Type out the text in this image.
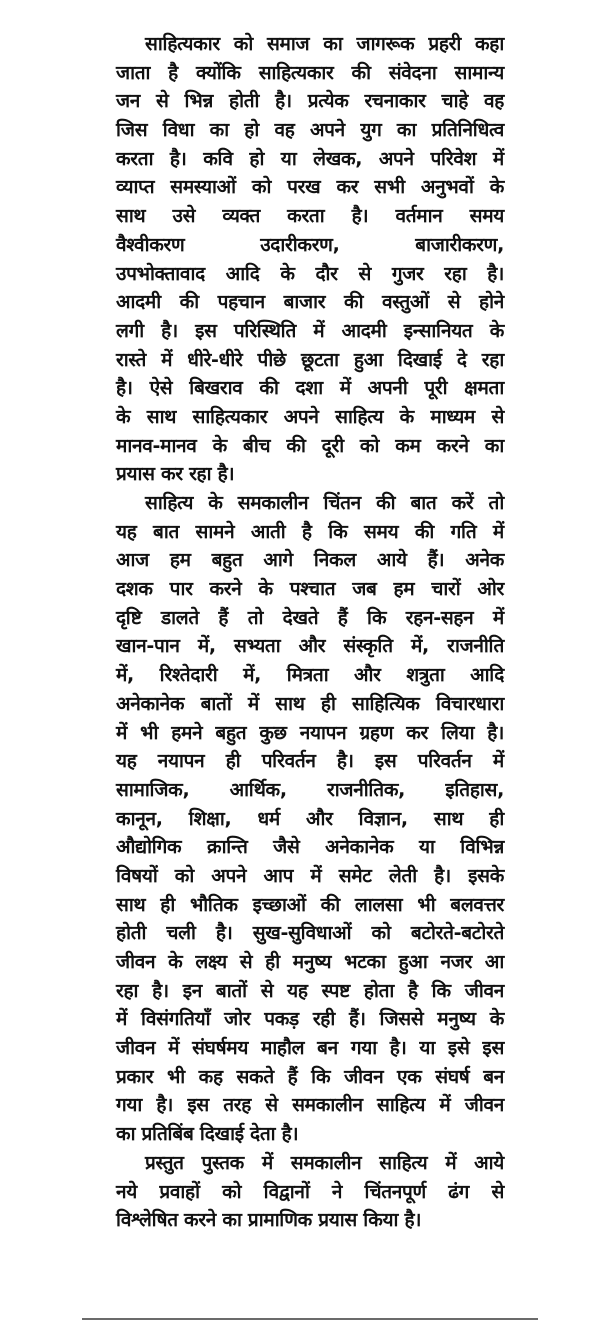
साहित्यकार को समाज का जागरूक प्रहरी कहा
जाता है क्योंकि साहित्यकार की संवेदना सामान्य
जन से भिन्न होती है। प्रत्येक रचनाकार चाहे वह
जिस विधा का हो वह अपने युग का प्रतिनिधित्व
करता है। कवि हो या लेखक, अपने परिवेश में
व्याप्त समस्याओं को परख कर सभी अनुभवों के
साथ उसे व्यक्त करता है। वर्तमान समय
वैश्वीकरण उदारीकरण, बाजारीकरण,
उपभोक्तावाद आदि के दौर से गुजर रहा है।
आदमी की पहचान बाजार की वस्तुओं से होने
लगी है। इस परिस्थिति में आदमी इन्सानियत के
रास्ते में धीरे-धीरे पीछे छूटता हुआ दिखाई दे रहा
है। ऐसे बिखराव की दशा में अपनी पूरी क्षमता
के साथ साहित्यकार अपने साहित्य के माध्यम से
मानव-मानव के बीच की दूरी को कम करने का
प्रयास कर रहा है।
साहित्य के समकालीन चिंतन की बात करें तो
यह बात सामने आती है कि समय की गति में
आज हम बहुत आगे निकल आये हैं। अनेक
दशक पार करने के पश्चात जब हम चारों ओर
दृष्टि डालते हैं तो देखते हैं कि रहन-सहन में
खान-पान में, सभ्यता और संस्कृति में, राजनीति
में, रिश्तेदारी में, मित्रता और शत्रुता आदि
अनेकानेक बातों में साथ ही साहित्यिक विचारधारा
में भी हमने बहुत कुछ नयापन ग्रहण कर लिया है।
यह नयापन ही परिवर्तन है। इस परिवर्तन में
सामाजिक, आर्थिक, राजनीतिक, इतिहास,
कानून, शिक्षा, धर्म और विज्ञान, साथ ही
औद्योगिक क्रान्ति जैसे अनेकानेक या विभिन्न
विषयों को अपने आप में समेट लेती है। इसके
साथ ही भौतिक इच्छाओं की लालसा भी बलवत्तर
होती चली है। सुख-सुविधाओं को बटोरते-बटोरते
जीवन के लक्ष्य से ही मनुष्य भटका हुआ नजर आ
रहा है। इन बातों से यह स्पष्ट होता है कि जीवन
में विसंगतियाँ जोर पकड़ रही हैं। जिससे मनुष्य के
जीवन में संघर्षमय माहौल बन गया है। या इसे इस
प्रकार भी कह सकते हैं कि जीवन एक संघर्ष बन
गया है। इस तरह से समकालीन साहित्य में जीवन
का प्रतिबिंब दिखाई देता है।
प्रस्तुत पुस्तक में समकालीन साहित्य में आये
नये प्रवाहों को विद्वानों ने चिंतनपूर्ण ढंग से
विश्लेषित करने का प्रामाणिक प्रयास किया है।
